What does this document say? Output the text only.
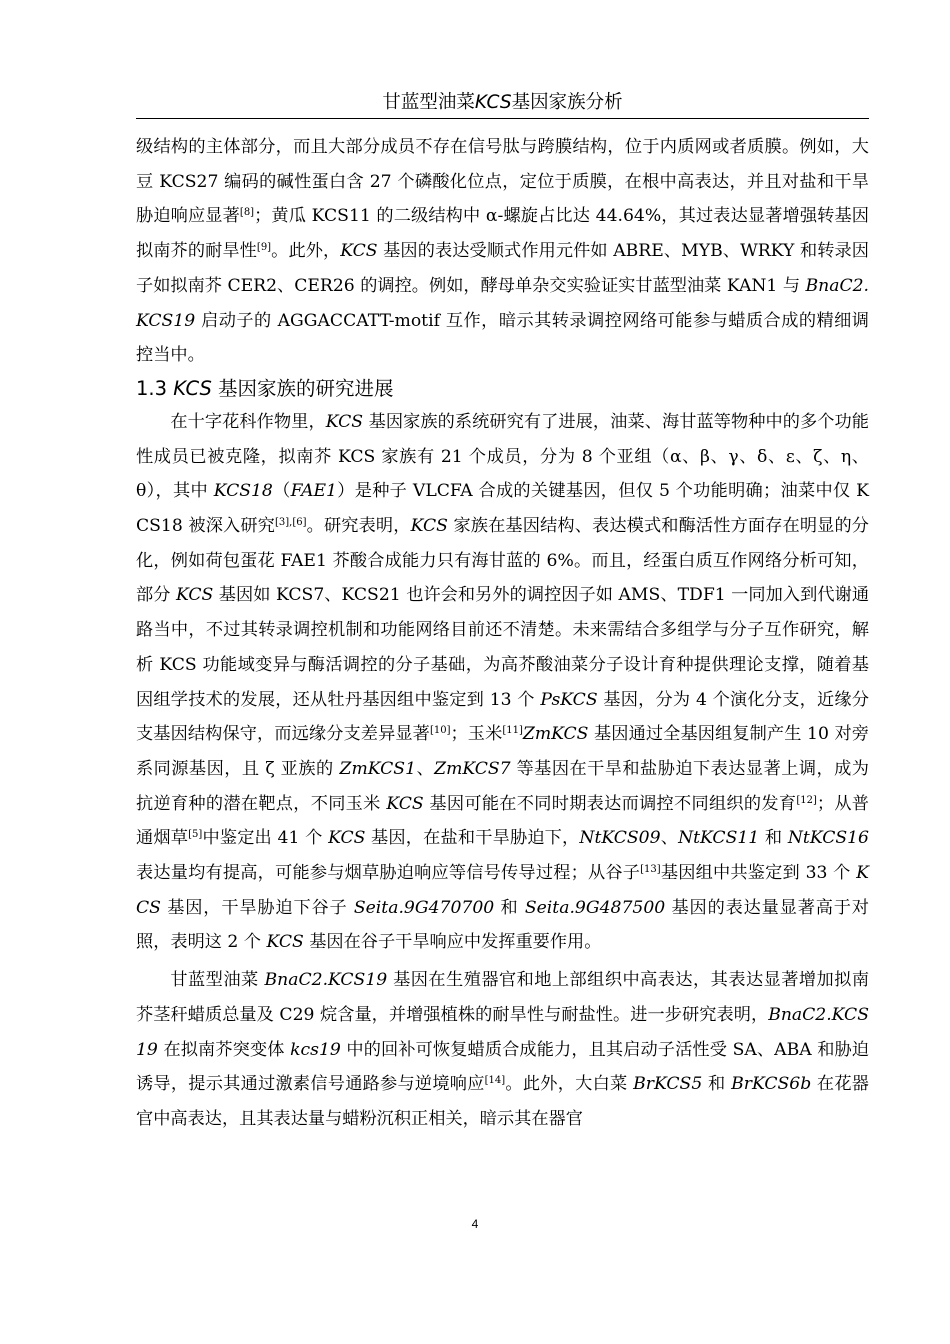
甘蓝型油菜KCS基因家族分析

级结构的主体部分，而且大部分成员不存在信号肽与跨膜结构，位于内质网或者质膜。例如，大豆 KCS27 编码的碱性蛋白含 27 个磷酸化位点，定位于质膜，在根中高表达，并且对盐和干旱胁迫响应显著[8]；黄瓜 KCS11 的二级结构中 α-螺旋占比达 44.64%，其过表达显著增强转基因拟南芥的耐旱性[9]。此外，KCS 基因的表达受顺式作用元件如 ABRE、MYB、WRKY 和转录因子如拟南芥 CER2、CER26 的调控。例如，酵母单杂交实验证实甘蓝型油菜 KAN1 与 BnaC2.KCS19 启动子的 AGGACCATT-motif 互作，暗示其转录调控网络可能参与蜡质合成的精细调控当中。

1.3 KCS 基因家族的研究进展

在十字花科作物里，KCS 基因家族的系统研究有了进展，油菜、海甘蓝等物种中的多个功能性成员已被克隆，拟南芥 KCS 家族有 21 个成员，分为 8 个亚组（α、β、γ、δ、ε、ζ、η、θ），其中 KCS18（FAE1）是种子 VLCFA 合成的关键基因，但仅 5 个功能明确；油菜中仅 KCS18 被深入研究[3],[6]。研究表明，KCS 家族在基因结构、表达模式和酶活性方面存在明显的分化，例如荷包蛋花 FAE1 芥酸合成能力只有海甘蓝的 6%。而且，经蛋白质互作网络分析可知，部分 KCS 基因如 KCS7、KCS21 也许会和另外的调控因子如 AMS、TDF1 一同加入到代谢通路当中，不过其转录调控机制和功能网络目前还不清楚。未来需结合多组学与分子互作研究，解析 KCS 功能域变异与酶活调控的分子基础，为高芥酸油菜分子设计育种提供理论支撑，随着基因组学技术的发展，还从牡丹基因组中鉴定到 13 个 PsKCS 基因，分为 4 个演化分支，近缘分支基因结构保守，而远缘分支差异显著[10]；玉米[11]ZmKCS 基因通过全基因组复制产生 10 对旁系同源基因，且 ζ 亚族的 ZmKCS1、ZmKCS7 等基因在干旱和盐胁迫下表达显著上调，成为抗逆育种的潜在靶点，不同玉米 KCS 基因可能在不同时期表达而调控不同组织的发育[12]；从普通烟草[5]中鉴定出 41 个 KCS 基因，在盐和干旱胁迫下，NtKCS09、NtKCS11 和 NtKCS16 表达量均有提高，可能参与烟草胁迫响应等信号传导过程；从谷子[13]基因组中共鉴定到 33 个 KCS 基因，干旱胁迫下谷子 Seita.9G470700 和 Seita.9G487500 基因的表达量显著高于对照，表明这 2 个 KCS 基因在谷子干旱响应中发挥重要作用。

甘蓝型油菜 BnaC2.KCS19 基因在生殖器官和地上部组织中高表达，其表达显著增加拟南芥茎秆蜡质总量及 C29 烷含量，并增强植株的耐旱性与耐盐性。进一步研究表明，BnaC2.KCS19 在拟南芥突变体 kcs19 中的回补可恢复蜡质合成能力，且其启动子活性受 SA、ABA 和胁迫诱导，提示其通过激素信号通路参与逆境响应[14]。此外，大白菜 BrKCS5 和 BrKCS6b 在花器官中高表达，且其表达量与蜡粉沉积正相关，暗示其在器官

4
